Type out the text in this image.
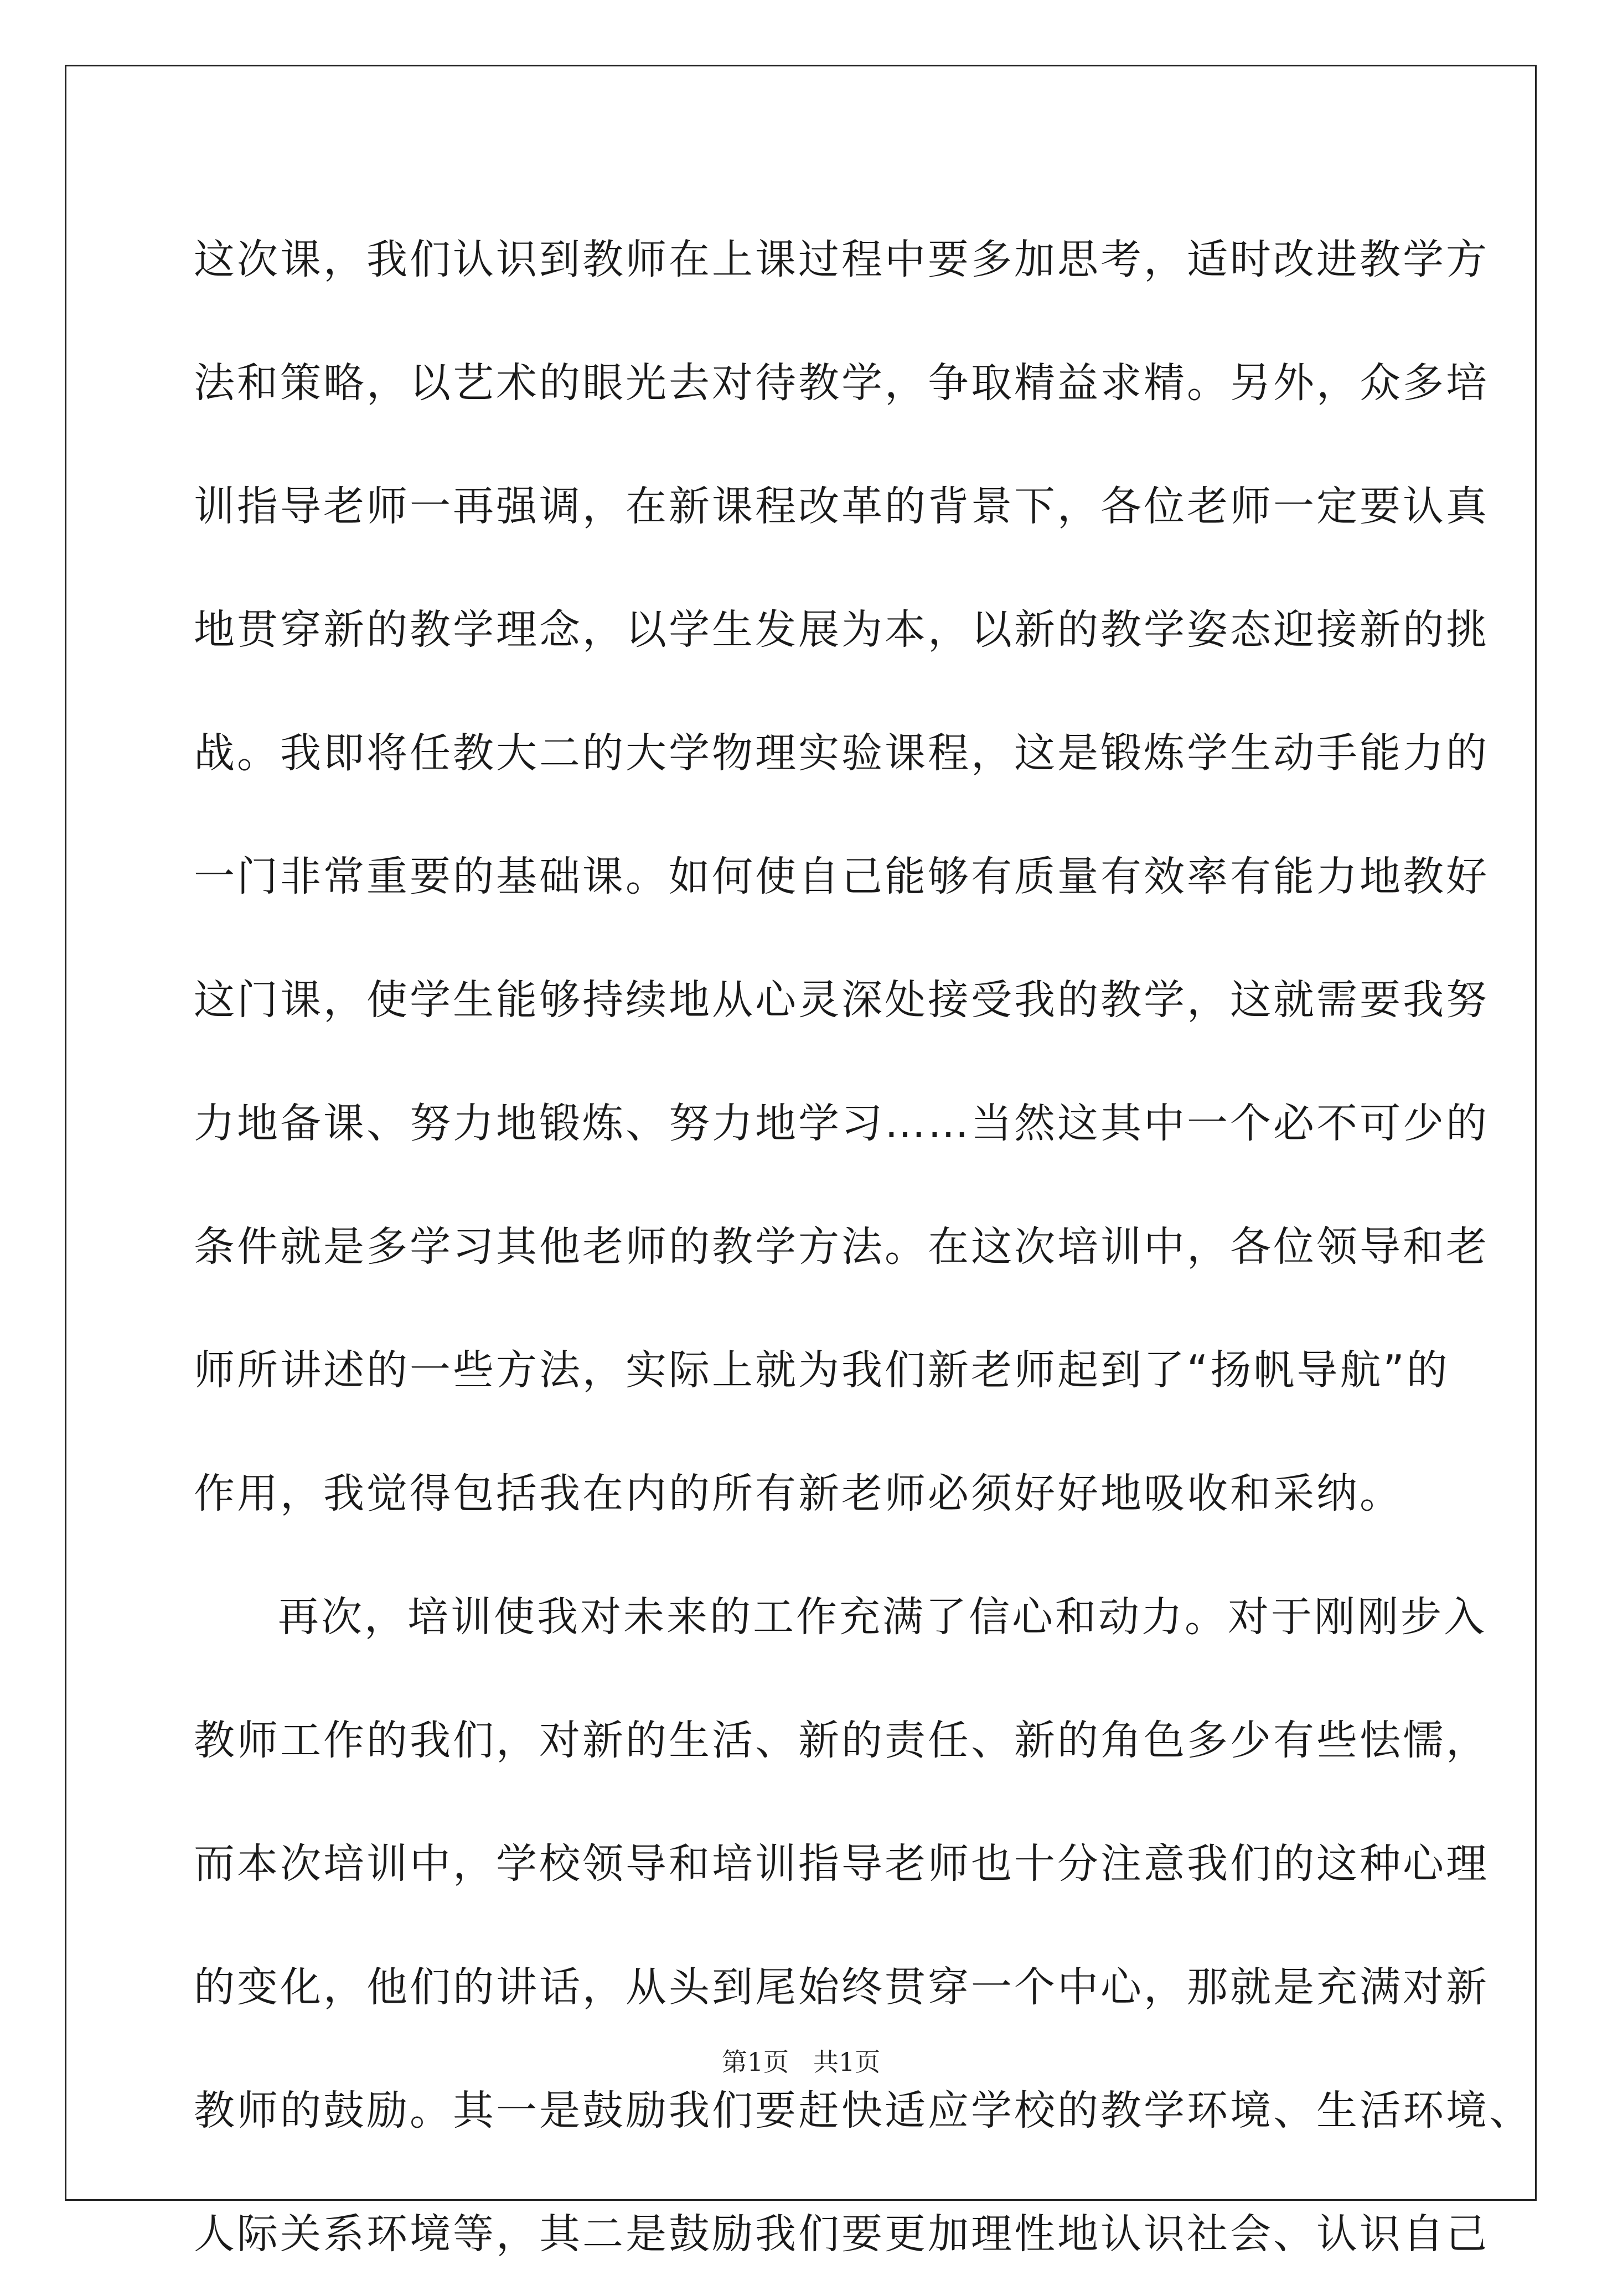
这次课，我们认识到教师在上课过程中要多加思考，适时改进教学方
法和策略，以艺术的眼光去对待教学，争取精益求精。另外，众多培
训指导老师一再强调，在新课程改革的背景下，各位老师一定要认真
地贯穿新的教学理念，以学生发展为本，以新的教学姿态迎接新的挑
战。我即将任教大二的大学物理实验课程，这是锻炼学生动手能力的
一门非常重要的基础课。如何使自己能够有质量有效率有能力地教好
这门课，使学生能够持续地从心灵深处接受我的教学，这就需要我努
力地备课、努力地锻炼、努力地学习……当然这其中一个必不可少的
条件就是多学习其他老师的教学方法。在这次培训中，各位领导和老
师所讲述的一些方法，实际上就为我们新老师起到了“扬帆导航”的
作用，我觉得包括我在内的所有新老师必须好好地吸收和采纳。
再次，培训使我对未来的工作充满了信心和动力。对于刚刚步入
教师工作的我们，对新的生活、新的责任、新的角色多少有些怯懦，
而本次培训中，学校领导和培训指导老师也十分注意我们的这种心理
的变化，他们的讲话，从头到尾始终贯穿一个中心，那就是充满对新
教师的鼓励。其一是鼓励我们要赶快适应学校的教学环境、生活环境、
人际关系环境等，其二是鼓励我们要更加理性地认识社会、认识自己
第1页 共1页
